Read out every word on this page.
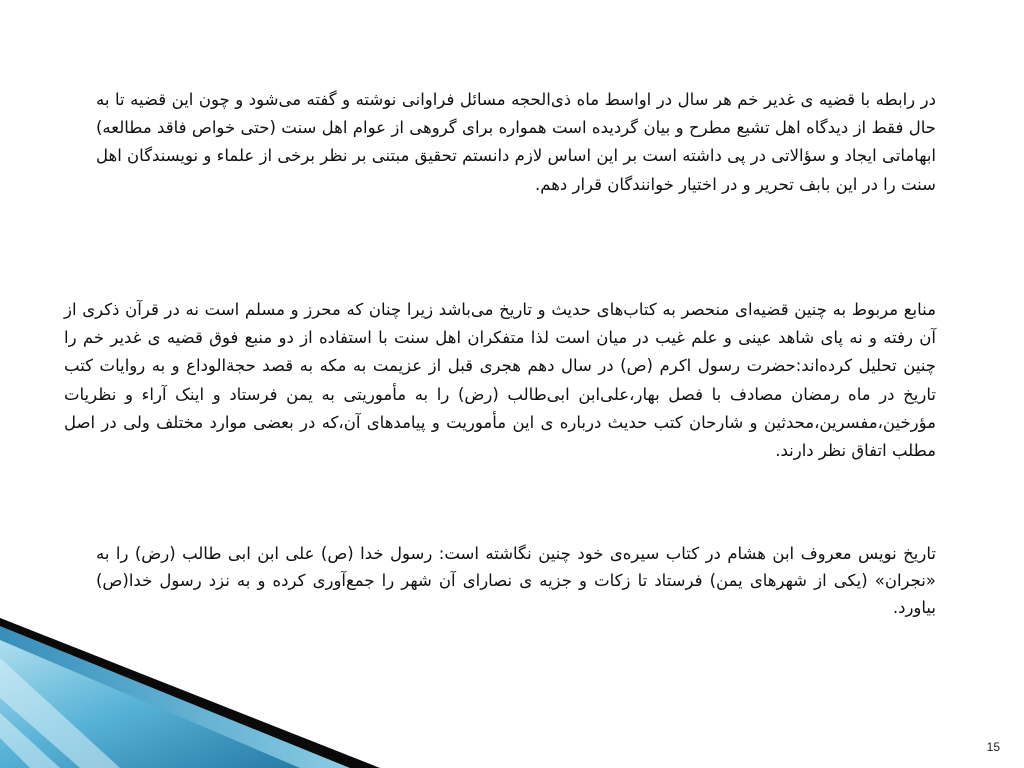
در رابطه با قضیه ی غدیر خم هر سال در اواسط ماه ذی‌الحجه مسائل فراوانی نوشته و گفته می‌شود و چون این قضیه تا به حال فقط از دیدگاه اهل تشیع مطرح و بیان گردیده است همواره برای گروهی از عوام اهل سنت (حتی خواص فاقد مطالعه) ابهاماتی ایجاد و سؤالاتی در پی داشته است بر این اساس لازم دانستم تحقیق مبتنی بر نظر برخی از علماء و نویسندگان اهل سنت را در این بابف تحریر و در اختیار خوانندگان قرار دهم.

منابع مربوط به چنین قضیه‌ای منحصر به کتاب‌های حدیث و تاریخ می‌باشد زیرا چنان که محرز و مسلم است نه در قرآن ذکری از آن رفته و نه پای شاهد عینی و علم غیب در میان است لذا متفکران اهل سنت با استفاده از دو منبع فوق قضیه ی غدیر خم را چنین تحلیل کرده‌اند:حضرت رسول اکرم (ص) در سال دهم هجری قبل از عزیمت به مکه به قصد حجةالوداع و به روایات کتب تاریخ در ماه رمضان مصادف با فصل بهار،علی‌ابن ابی‌طالب (رض) را به مأموریتی به یمن فرستاد و اینک آراء و نظریات مؤرخین،مفسرین،محدثین و شارحان کتب حدیث درباره ی این مأموریت و پیامدهای آن،که در بعضی موارد مختلف ولی در اصل مطلب اتفاق نظر دارند.

تاریخ نویس معروف ابن هشام در کتاب سیره‌ی خود چنین نگاشته است: رسول خدا (ص) علی ابن ابی طالب (رض) را به «نجران» (یکی از شهرهای یمن) فرستاد تا زکات و جزیه ی نصارای آن شهر را جمع‌آوری کرده و به نزد رسول خدا(ص) بیاورد.

15
